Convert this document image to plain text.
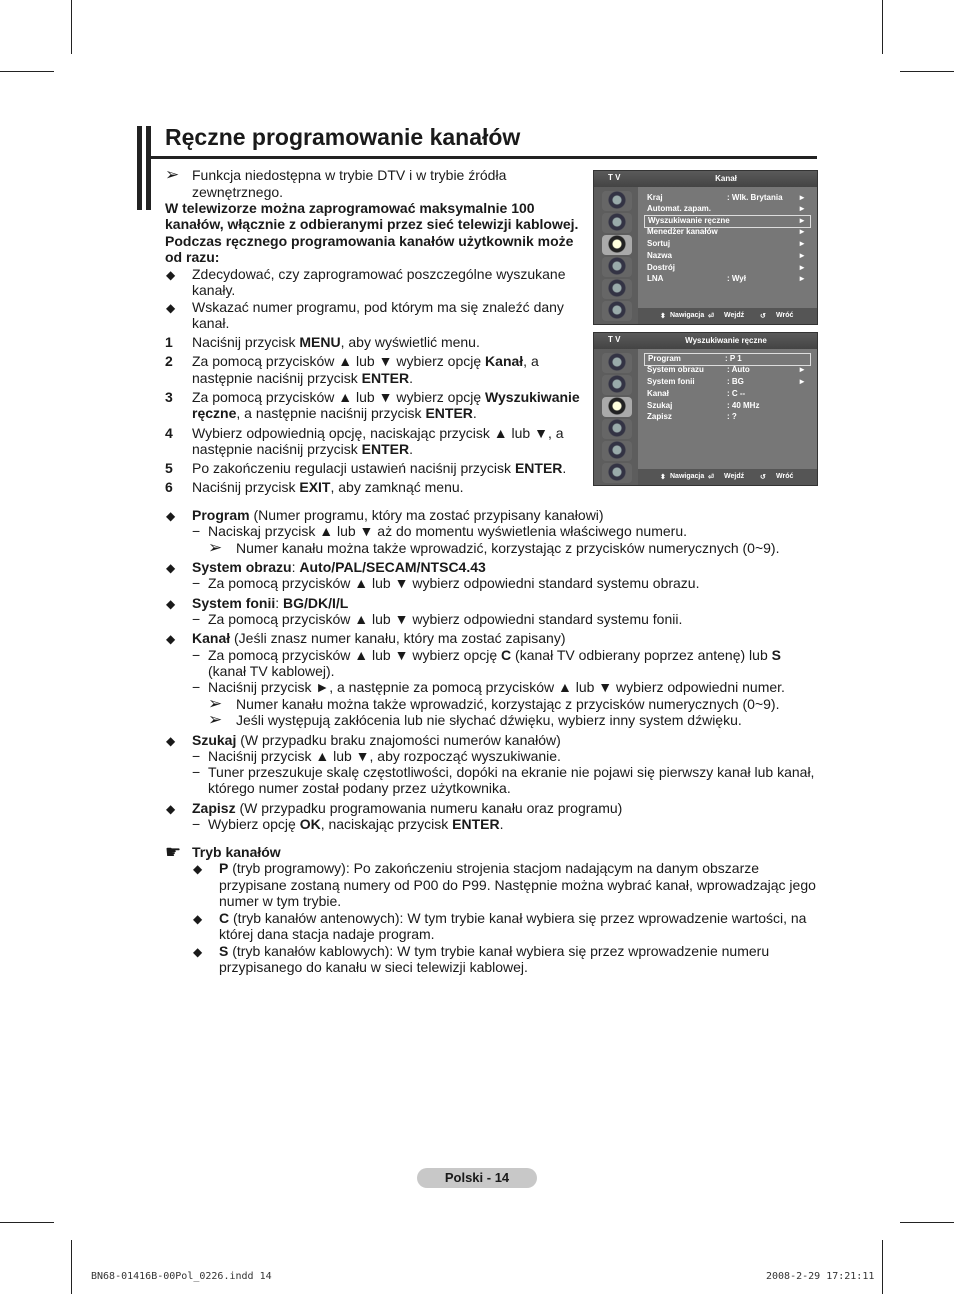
Ręczne programowanie kanałów
➢ Funkcja niedostępna w trybie DTV i w trybie źródła
zewnętrznego.
W telewizorze można zaprogramować maksymalnie 100
kanałów, włącznie z odbieranymi przez sieć telewizji kablowej.
Podczas ręcznego programowania kanałów użytkownik może
od razu:
◆ Zdecydować, czy zaprogramować poszczególne wyszukane
kanały.
◆ Wskazać numer programu, pod którym ma się znaleźć dany
kanał.
1 Naciśnij przycisk MENU, aby wyświetlić menu.
2 Za pomocą przycisków ▲ lub ▼ wybierz opcję Kanał, a
następnie naciśnij przycisk ENTER.
3 Za pomocą przycisków ▲ lub ▼ wybierz opcję Wyszukiwanie
ręczne, a następnie naciśnij przycisk ENTER.
4 Wybierz odpowiednią opcję, naciskając przycisk ▲ lub ▼, a
następnie naciśnij przycisk ENTER.
5 Po zakończeniu regulacji ustawień naciśnij przycisk ENTER.
6 Naciśnij przycisk EXIT, aby zamknąć menu.
T V	Kanał
Kraj	: Wlk. Brytania ►
Automat. zapam.	►
Wyszukiwanie ręczne	►
Menedżer kanałów	►
Sortuj	►
Nazwa	►
Dostrój	►
LNA	: Wył	►
⬍ Nawigacja ⏎ Wejdź ↺ Wróć
T V	Wyszukiwanie ręczne
Program	: P 1
System obrazu	: Auto	►
System fonii	: BG	►
Kanał	: C --
Szukaj	: 40 MHz
Zapisz	: ?
⬍ Nawigacja ⏎ Wejdź ↺ Wróć
◆ Program (Numer programu, który ma zostać przypisany kanałowi)
− Naciskaj przycisk ▲ lub ▼ aż do momentu wyświetlenia właściwego numeru.
➢ Numer kanału można także wprowadzić, korzystając z przycisków numerycznych (0~9).
◆ System obrazu: Auto/PAL/SECAM/NTSC4.43
− Za pomocą przycisków ▲ lub ▼ wybierz odpowiedni standard systemu obrazu.
◆ System fonii: BG/DK/I/L
− Za pomocą przycisków ▲ lub ▼ wybierz odpowiedni standard systemu fonii.
◆ Kanał (Jeśli znasz numer kanału, który ma zostać zapisany)
− Za pomocą przycisków ▲ lub ▼ wybierz opcję C (kanał TV odbierany poprzez antenę) lub S
(kanał TV kablowej).
− Naciśnij przycisk ►, a następnie za pomocą przycisków ▲ lub ▼ wybierz odpowiedni numer.
➢ Numer kanału można także wprowadzić, korzystając z przycisków numerycznych (0~9).
➢ Jeśli występują zakłócenia lub nie słychać dźwięku, wybierz inny system dźwięku.
◆ Szukaj (W przypadku braku znajomości numerów kanałów)
− Naciśnij przycisk ▲ lub ▼, aby rozpocząć wyszukiwanie.
− Tuner przeszukuje skalę częstotliwości, dopóki na ekranie nie pojawi się pierwszy kanał lub kanał,
którego numer został podany przez użytkownika.
◆ Zapisz (W przypadku programowania numeru kanału oraz programu)
− Wybierz opcję OK, naciskając przycisk ENTER.
☛ Tryb kanałów
◆ P (tryb programowy): Po zakończeniu strojenia stacjom nadającym na danym obszarze
przypisane zostaną numery od P00 do P99. Następnie można wybrać kanał, wprowadzając jego
numer w tym trybie.
◆ C (tryb kanałów antenowych): W tym trybie kanał wybiera się przez wprowadzenie wartości, na
której dana stacja nadaje program.
◆ S (tryb kanałów kablowych): W tym trybie kanał wybiera się przez wprowadzenie numeru
przypisanego do kanału w sieci telewizji kablowej.
Polski - 14
BN68-01416B-00Pol_0226.indd 14	2008-2-29 17:21:11
